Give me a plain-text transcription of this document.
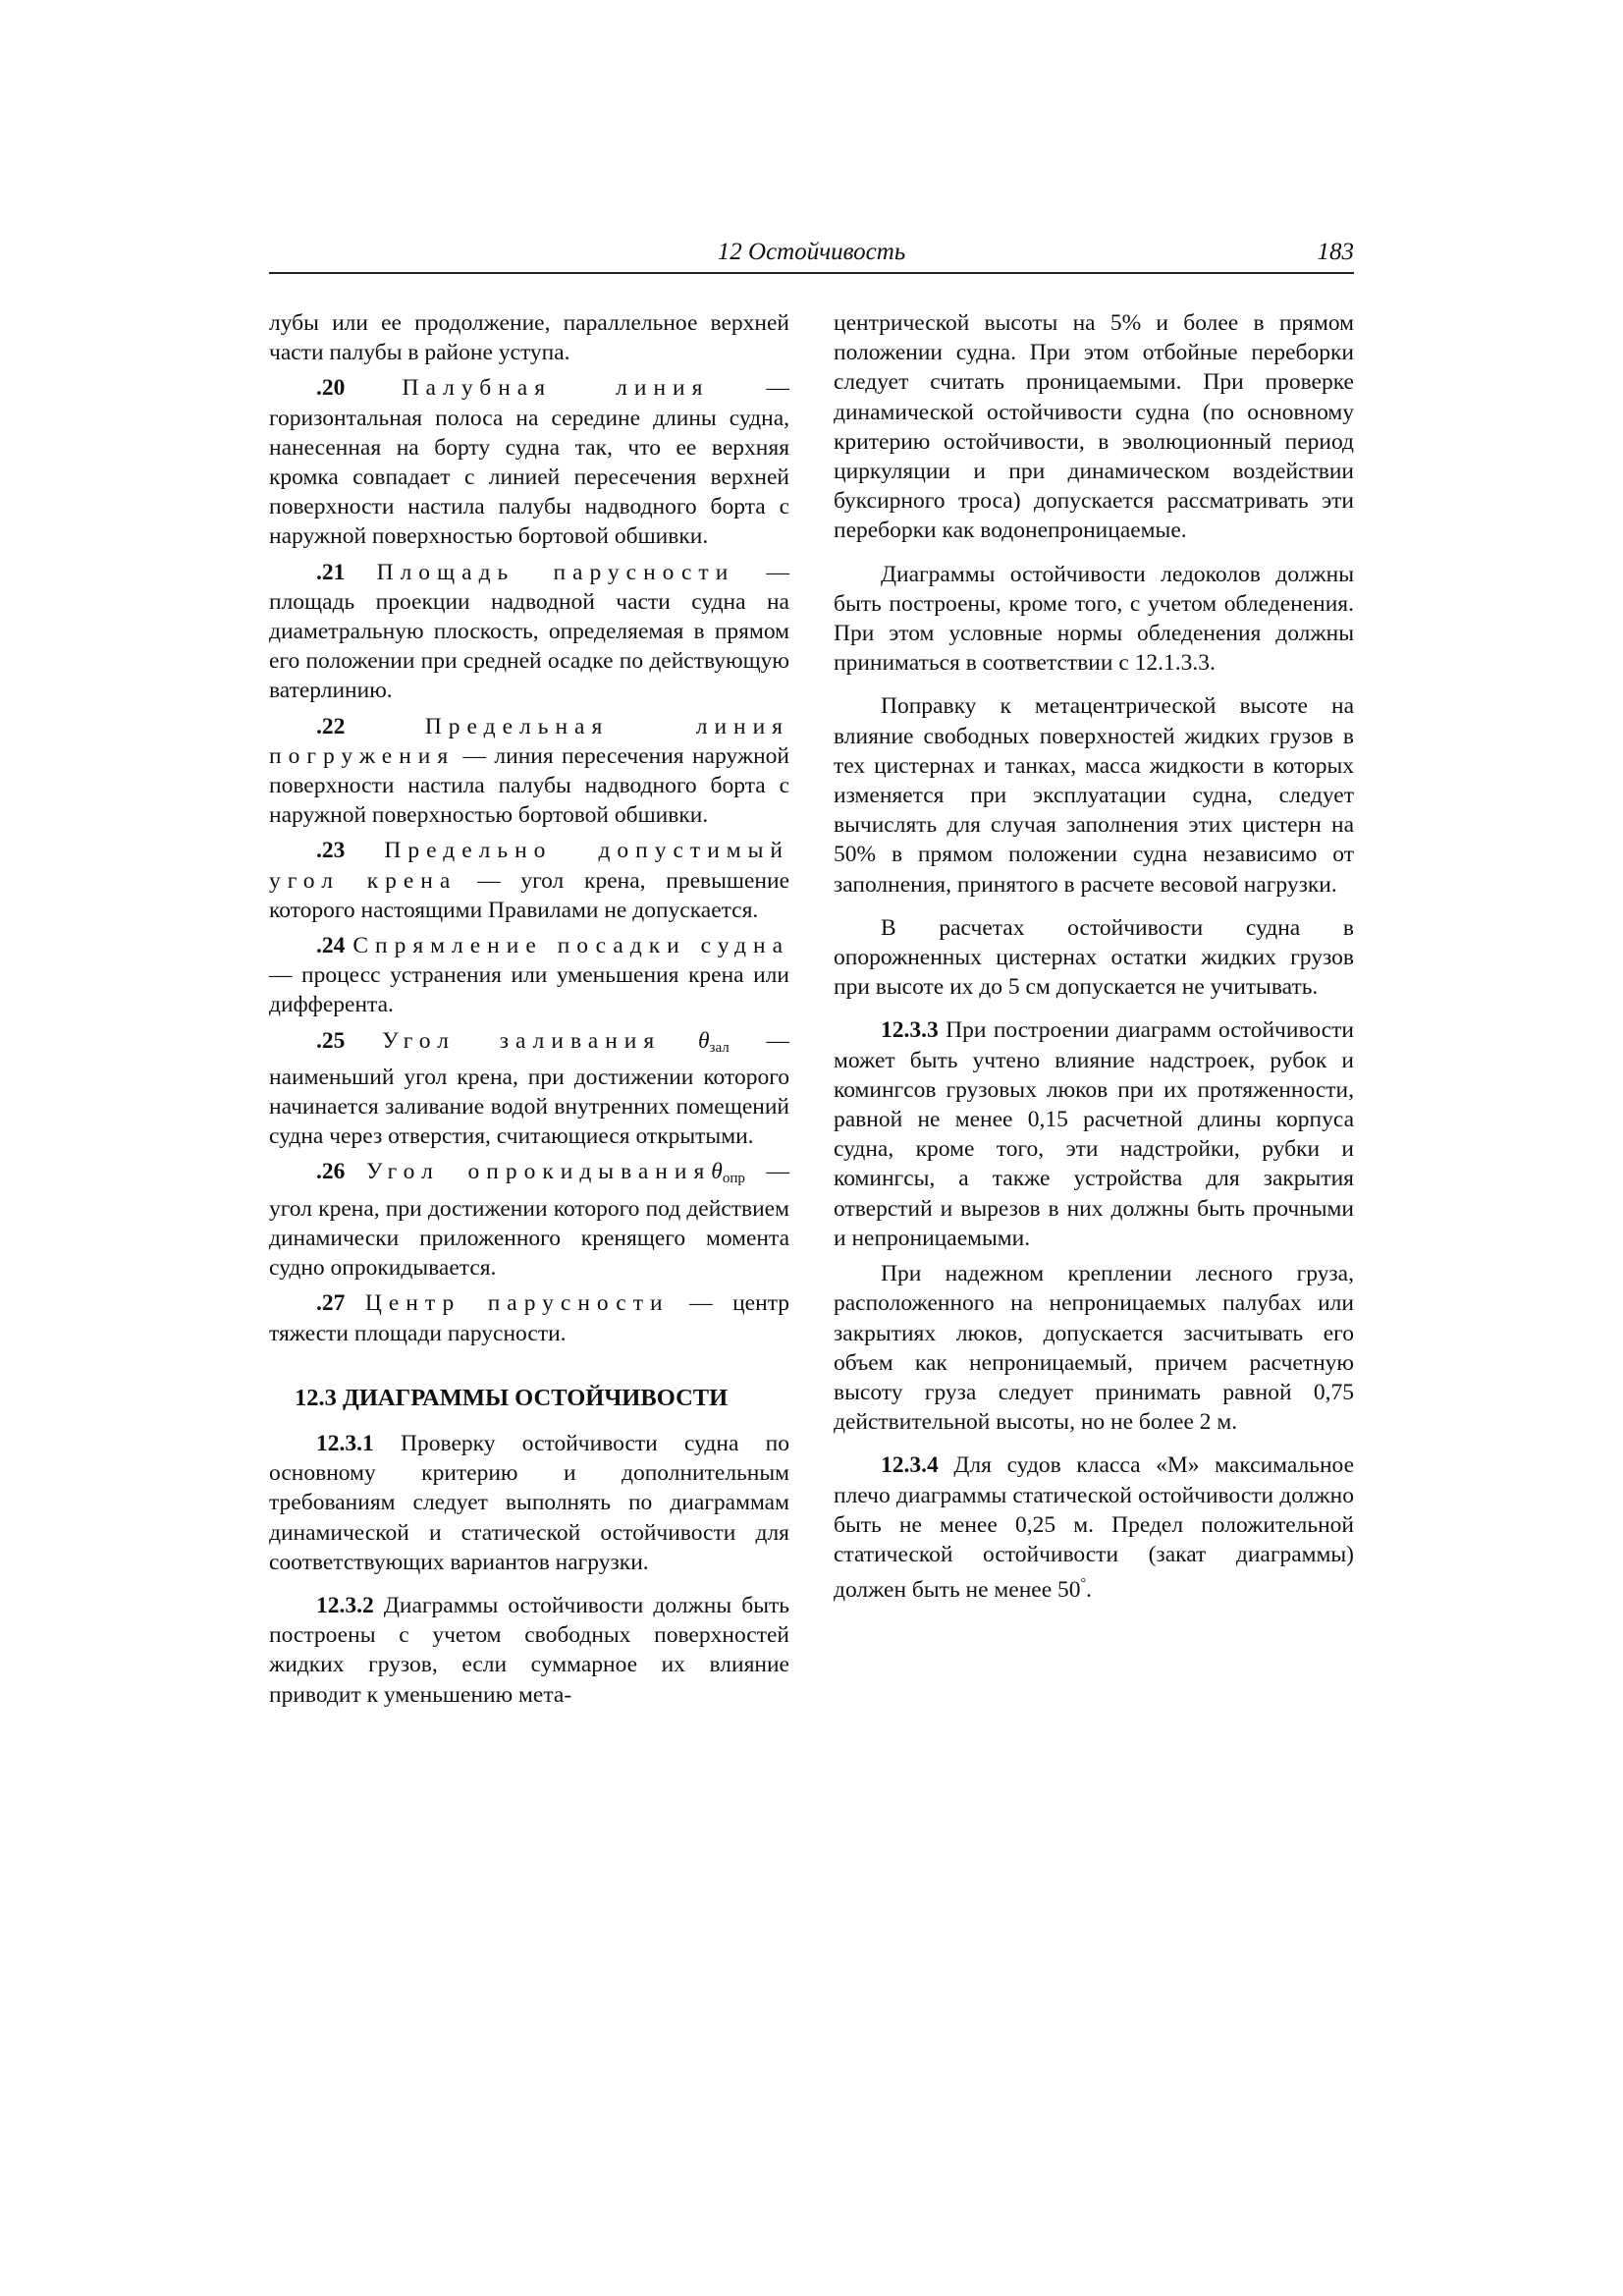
12 Остойчивость	183

лубы или ее продолжение, параллельное верхней части палубы в районе уступа.

.20 Палубная линия — горизонтальная полоса на середине длины судна, нанесенная на борту судна так, что ее верхняя кромка совпадает с линией пересечения верхней поверхности настила палубы надводного борта с наружной поверхностью бортовой обшивки.

.21 Площадь парусности — площадь проекции надводной части судна на диаметральную плоскость, определяемая в прямом его положении при средней осадке по действующую ватерлинию.

.22	Предельная линия погружения — линия пересечения наружной поверхности настила палубы надводного борта с наружной поверхностью бортовой обшивки.

.23 Предельно допустимый угол крена — угол крена, превышение которого настоящими Правилами не допускается.

.24 Спрямление посадки судна — процесс устранения или уменьшения крена или дифферента.

.25 Угол заливания $\theta_{зал}$ — наименьший угол крена, при достижении которого начинается заливание водой внутренних помещений судна через отверстия, считающиеся открытыми.

.26 Угол опрокидыванияθ$_{опр}$ — угол крена, при достижении которого под действием динамически приложенного кренящего момента судно опрокидывается.

.27 Центр парусности — центр тяжести площади парусности.

12.3 ДИАГРАММЫ ОСТОЙЧИВОСТИ

12.3.1 Проверку остойчивости судна по основному критерию и дополнительным требованиям следует выполнять по диаграммам динамической и статической остойчивости для соответствующих вариантов нагрузки.

12.3.2 Диаграммы остойчивости должны быть построены с учетом свободных поверхностей жидких грузов, если суммарное их влияние приводит к уменьшению мета-

центрической высоты на 5% и более в прямом положении судна. При этом отбойные переборки следует считать проницаемыми. При проверке динамической остойчивости судна (по основному критерию остойчивости, в эволюционный период циркуляции и при динамическом воздействии буксирного троса) допускается рассматривать эти переборки как водонепроницаемые.

Диаграммы остойчивости ледоколов должны быть построены, кроме того, с учетом обледенения. При этом условные нормы обледенения должны приниматься в соответствии с 12.1.3.3.

Поправку к метацентрической высоте на влияние свободных поверхностей жидких грузов в тех цистернах и танках, масса жидкости в которых изменяется при эксплуатации судна, следует вычислять для случая заполнения этих цистерн на 50% в прямом положении судна независимо от заполнения, принятого в расчете весовой нагрузки.

В расчетах остойчивости судна в опорожненных цистернах остатки жидких грузов при высоте их до 5 см допускается не учитывать.

12.3.3 При построении диаграмм остойчивости может быть учтено влияние надстроек, рубок и комингсов грузовых люков при их протяженности, равной не менее 0,15 расчетной длины корпуса судна, кроме того, эти надстройки, рубки и комингсы, а также устройства для закрытия отверстий и вырезов в них должны быть прочными и непроницаемыми.

При надежном креплении лесного груза, расположенного на непроницаемых палубах или закрытиях люков, допускается засчитывать его объем как непроницаемый, причем расчетную высоту груза следует принимать равной 0,75 действительной высоты, но не более 2 м.

12.3.4 Для судов класса «М» максимальное плечо диаграммы статической остойчивости должно быть не менее 0,25 м. Предел положительной статической остойчивости (закат диаграммы) должен быть не менее 50°.
